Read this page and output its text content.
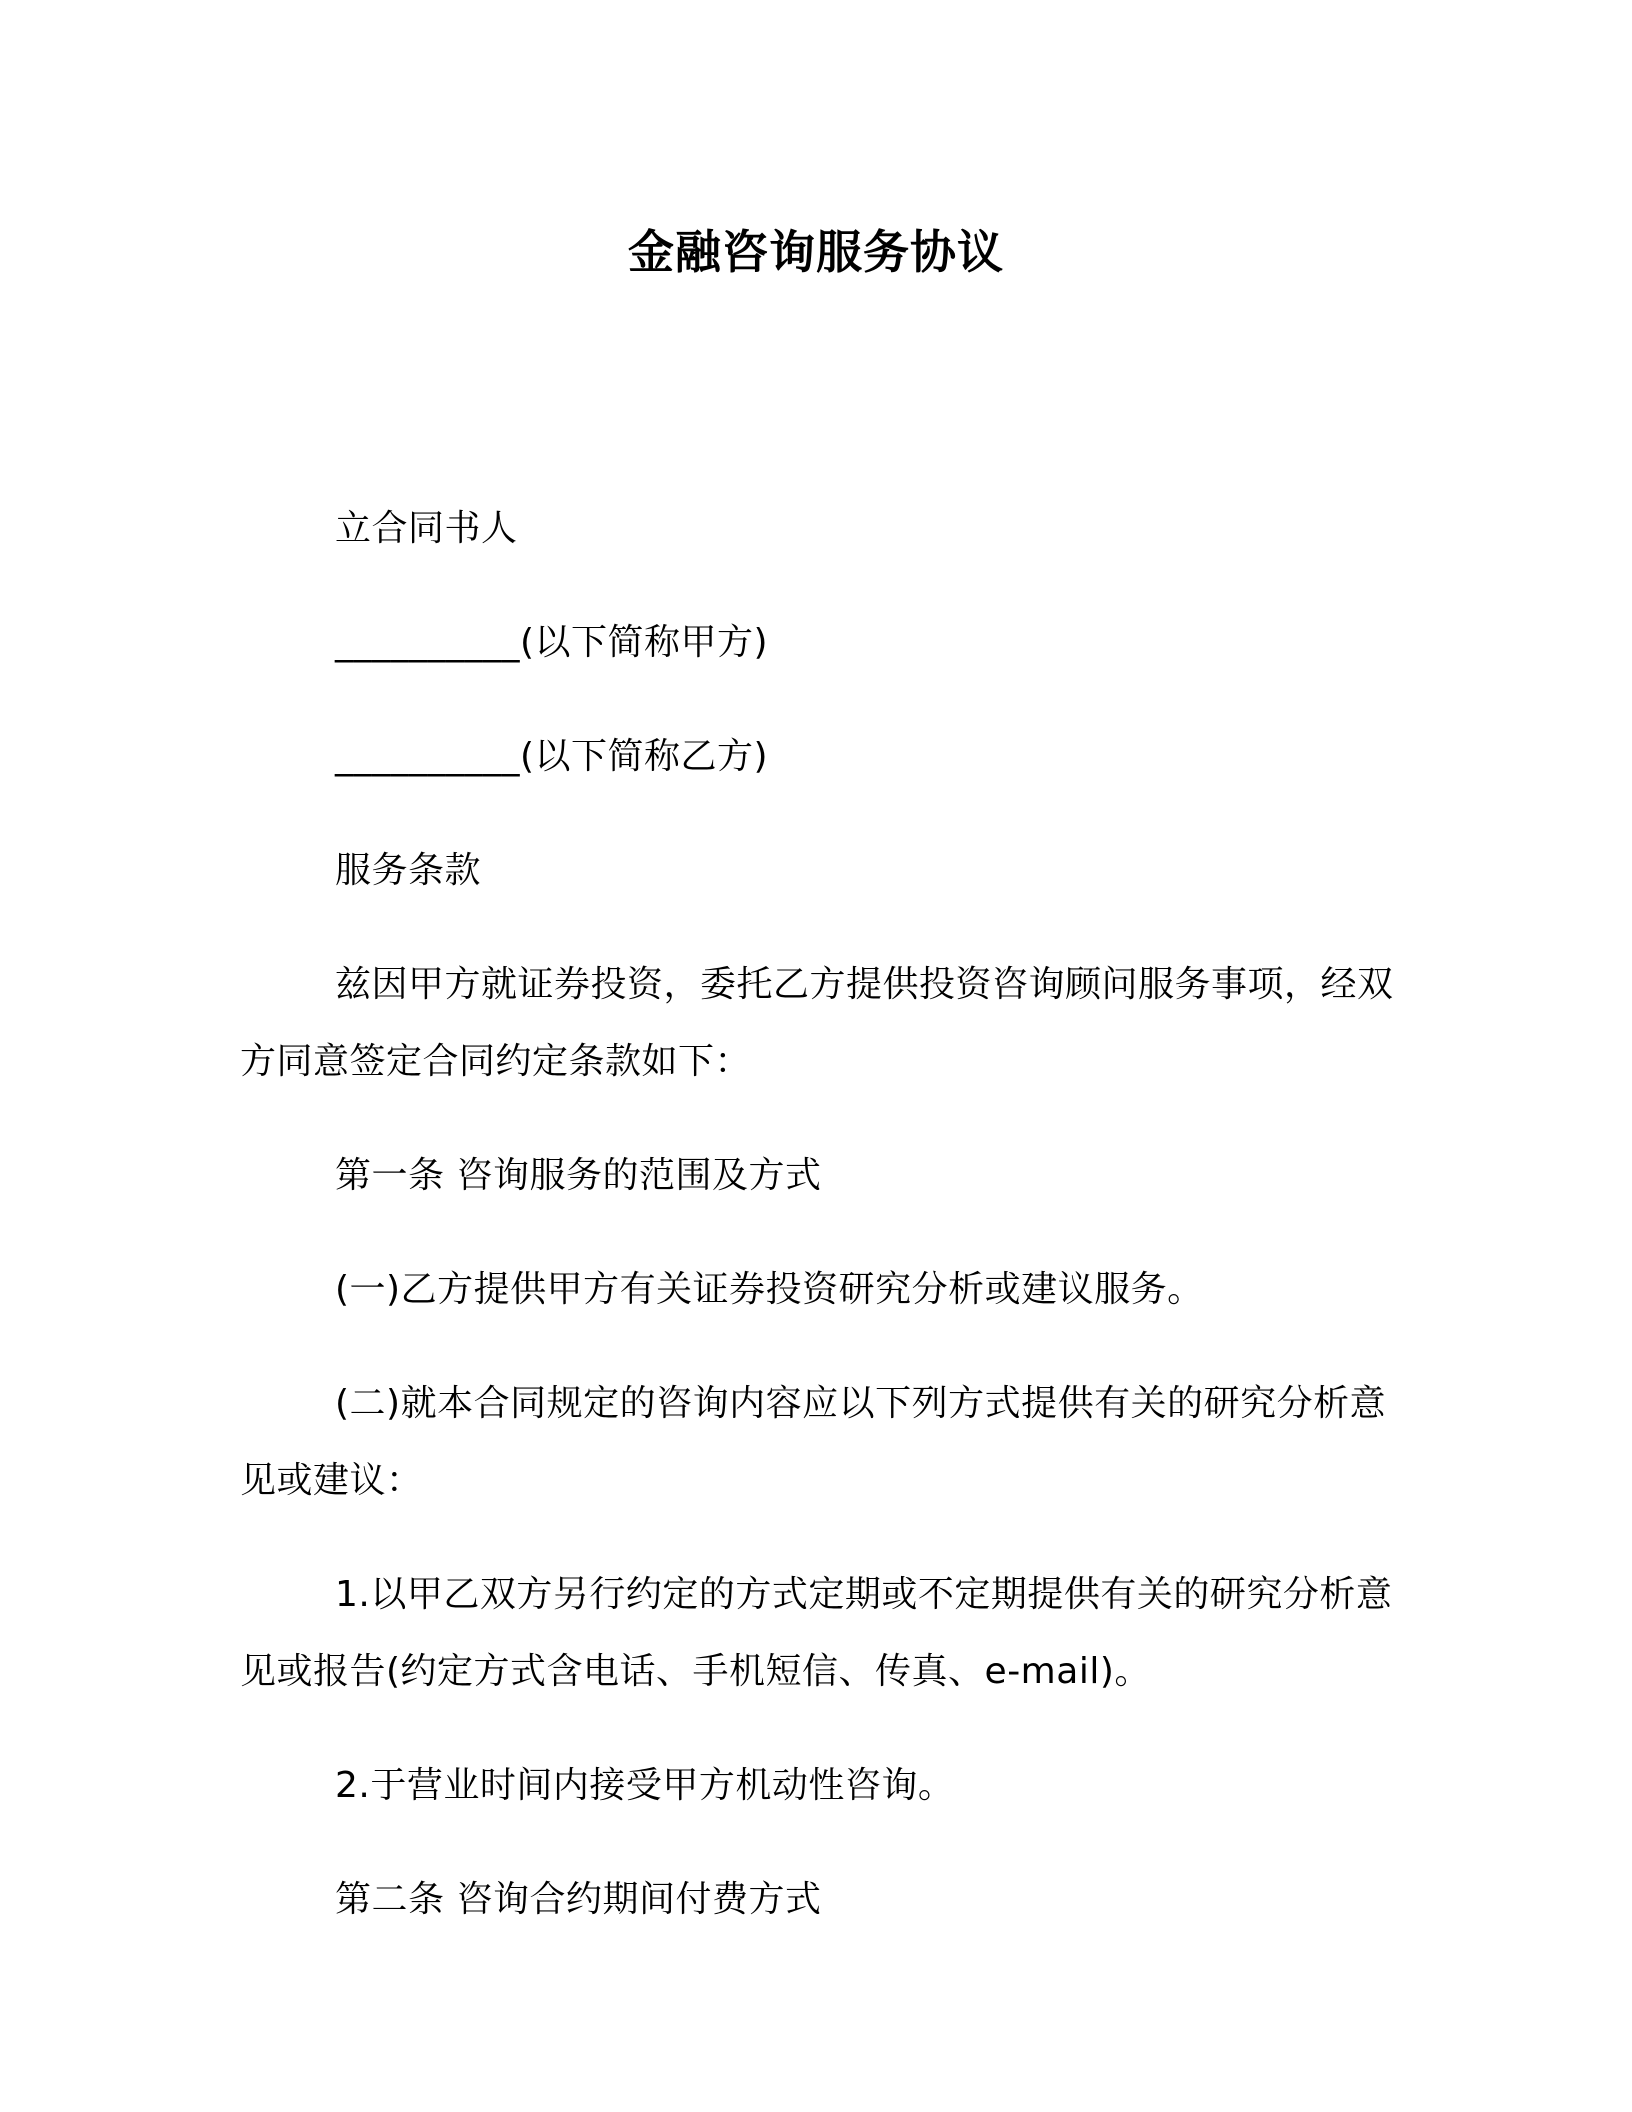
金融咨询服务协议

立合同书人

__________(以下简称甲方)

__________(以下简称乙方)

服务条款

兹因甲方就证券投资，委托乙方提供投资咨询顾问服务事项，经双方同意签定合同约定条款如下：

第一条 咨询服务的范围及方式

(一)乙方提供甲方有关证券投资研究分析或建议服务。

(二)就本合同规定的咨询内容应以下列方式提供有关的研究分析意见或建议：

1.以甲乙双方另行约定的方式定期或不定期提供有关的研究分析意见或报告(约定方式含电话、手机短信、传真、e-mail)。

2.于营业时间内接受甲方机动性咨询。

第二条 咨询合约期间付费方式
